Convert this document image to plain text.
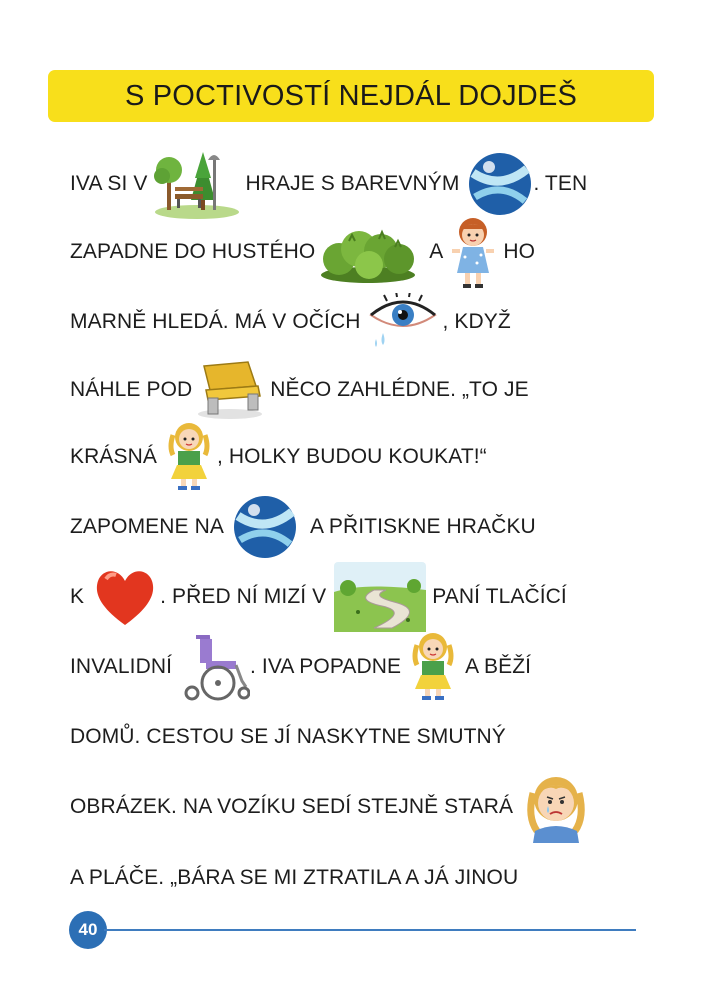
S POCTIVOSTÍ NEJDÁL DOJDEŠ
IVA SI V	HRAJE S BAREVNÝM	. TEN
ZAPADNE DO HUSTÉHO	A	HO
MARNĚ HLEDÁ. MÁ V OČÍCH	, KDYŽ
NÁHLE POD	NĚCO ZAHLÉDNE. „TO JE
KRÁSNÁ	, HOLKY BUDOU KOUKAT!“
ZAPOMENE NA	A PŘITISKNE HRAČKU
K	. PŘED NÍ MIZÍ V	PANÍ TLAČÍCÍ
INVALIDNÍ	. IVA POPADNE	A BĚŽÍ
DOMŮ. CESTOU SE JÍ NASKYTNE SMUTNÝ
OBRÁZEK. NA VOZÍKU SEDÍ STEJNĚ STARÁ
A PLÁČE. „BÁRA SE MI ZTRATILA A JÁ JINOU
40
